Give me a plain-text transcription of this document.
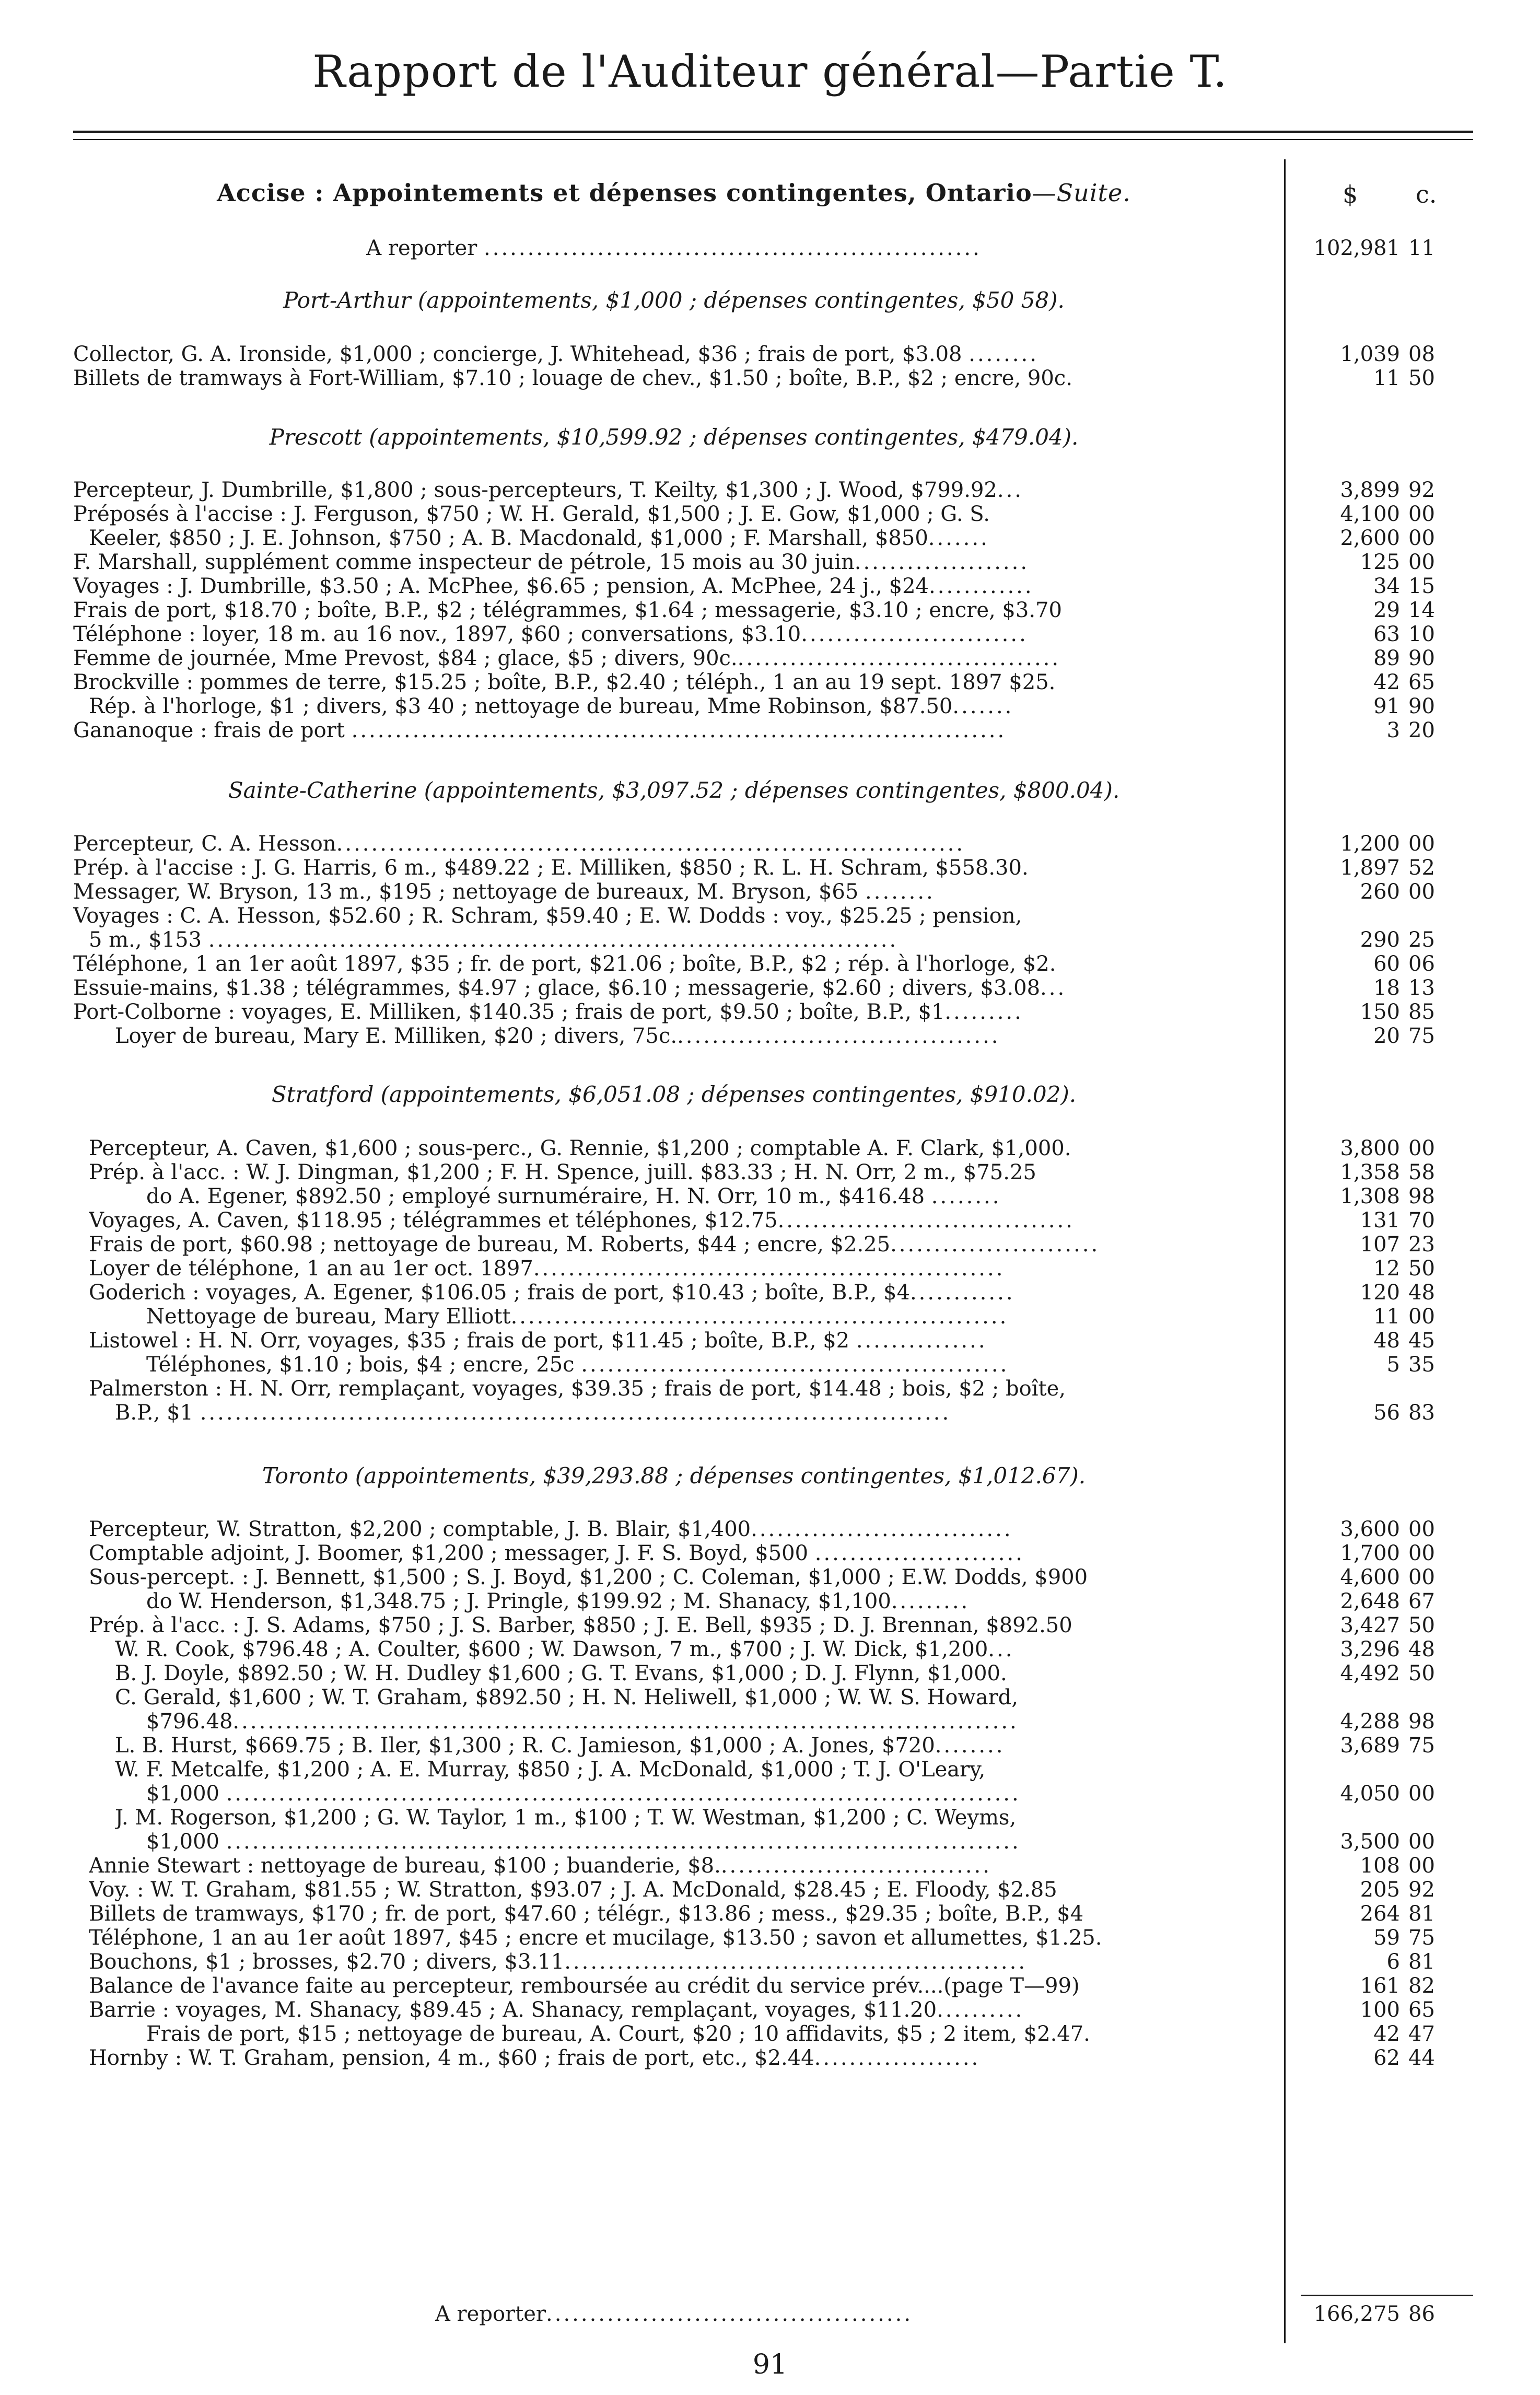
Rapport de l'Auditeur général—Partie T.
Accise : Appointements et dépenses contingentes, Ontario—Suite.	$ c.
A reporter .........................................................	102,981 11
Port-Arthur (appointements, $1,000 ; dépenses contingentes, $50 58).
Collector, G. A. Ironside, $1,000 ; concierge, J. Whitehead, $36 ; frais de port, $3.08 ........	1,039 08
Billets de tramways à Fort-William, $7.10 ; louage de chev., $1.50 ; boîte, B.P., $2 ; encre, 90c.	11 50
Prescott (appointements, $10,599.92 ; dépenses contingentes, $479.04).
Percepteur, J. Dumbrille, $1,800 ; sous-percepteurs, T. Keilty, $1,300 ; J. Wood, $799.92...	3,899 92
Préposés à l'accise : J. Ferguson, $750 ; W. H. Gerald, $1,500 ; J. E. Gow, $1,000 ; G. S.	4,100 00
Keeler, $850 ; J. E. Johnson, $750 ; A. B. Macdonald, $1,000 ; F. Marshall, $850.......	2,600 00
F. Marshall, supplément comme inspecteur de pétrole, 15 mois au 30 juin....................	125 00
Voyages : J. Dumbrille, $3.50 ; A. McPhee, $6.65 ; pension, A. McPhee, 24 j., $24............	34 15
Frais de port, $18.70 ; boîte, B.P., $2 ; télégrammes, $1.64 ; messagerie, $3.10 ; encre, $3.70	29 14
Téléphone : loyer, 18 m. au 16 nov., 1897, $60 ; conversations, $3.10..........................	63 10
Femme de journée, Mme Prevost, $84 ; glace, $5 ; divers, 90c......................................	89 90
Brockville : pommes de terre, $15.25 ; boîte, B.P., $2.40 ; téléph., 1 an au 19 sept. 1897 $25.	42 65
Rép. à l'horloge, $1 ; divers, $3 40 ; nettoyage de bureau, Mme Robinson, $87.50.......	91 90
Gananoque : frais de port ...........................................................................	3 20
Sainte-Catherine (appointements, $3,097.52 ; dépenses contingentes, $800.04).
Percepteur, C. A. Hesson........................................................................	1,200 00
Prép. à l'accise : J. G. Harris, 6 m., $489.22 ; E. Milliken, $850 ; R. L. H. Schram, $558.30.	1,897 52
Messager, W. Bryson, 13 m., $195 ; nettoyage de bureaux, M. Bryson, $65 ........	260 00
Voyages : C. A. Hesson, $52.60 ; R. Schram, $59.40 ; E. W. Dodds : voy., $25.25 ; pension,
5 m., $153 ...............................................................................	290 25
Téléphone, 1 an 1er août 1897, $35 ; fr. de port, $21.06 ; boîte, B.P., $2 ; rép. à l'horloge, $2.	60 06
Essuie-mains, $1.38 ; télégrammes, $4.97 ; glace, $6.10 ; messagerie, $2.60 ; divers, $3.08...	18 13
Port-Colborne : voyages, E. Milliken, $140.35 ; frais de port, $9.50 ; boîte, B.P., $1.........	150 85
Loyer de bureau, Mary E. Milliken, $20 ; divers, 75c......................................	20 75
Stratford (appointements, $6,051.08 ; dépenses contingentes, $910.02).
Percepteur, A. Caven, $1,600 ; sous-perc., G. Rennie, $1,200 ; comptable A. F. Clark, $1,000.	3,800 00
Prép. à l'acc. : W. J. Dingman, $1,200 ; F. H. Spence, juill. $83.33 ; H. N. Orr, 2 m., $75.25	1,358 58
do A. Egener, $892.50 ; employé surnuméraire, H. N. Orr, 10 m., $416.48 ........	1,308 98
Voyages, A. Caven, $118.95 ; télégrammes et téléphones, $12.75..................................	131 70
Frais de port, $60.98 ; nettoyage de bureau, M. Roberts, $44 ; encre, $2.25........................	107 23
Loyer de téléphone, 1 an au 1er oct. 1897......................................................	12 50
Goderich : voyages, A. Egener, $106.05 ; frais de port, $10.43 ; boîte, B.P., $4............	120 48
Nettoyage de bureau, Mary Elliott.........................................................	11 00
Listowel : H. N. Orr, voyages, $35 ; frais de port, $11.45 ; boîte, B.P., $2 ...............	48 45
Téléphones, $1.10 ; bois, $4 ; encre, 25c .................................................	5 35
Palmerston : H. N. Orr, remplaçant, voyages, $39.35 ; frais de port, $14.48 ; bois, $2 ; boîte,
B.P., $1 ......................................................................................	56 83
Toronto (appointements, $39,293.88 ; dépenses contingentes, $1,012.67).
Percepteur, W. Stratton, $2,200 ; comptable, J. B. Blair, $1,400..............................	3,600 00
Comptable adjoint, J. Boomer, $1,200 ; messager, J. F. S. Boyd, $500 ........................	1,700 00
Sous-percept. : J. Bennett, $1,500 ; S. J. Boyd, $1,200 ; C. Coleman, $1,000 ; E.W. Dodds, $900	4,600 00
do W. Henderson, $1,348.75 ; J. Pringle, $199.92 ; M. Shanacy, $1,100.........	2,648 67
Prép. à l'acc. : J. S. Adams, $750 ; J. S. Barber, $850 ; J. E. Bell, $935 ; D. J. Brennan, $892.50	3,427 50
W. R. Cook, $796.48 ; A. Coulter, $600 ; W. Dawson, 7 m., $700 ; J. W. Dick, $1,200...	3,296 48
B. J. Doyle, $892.50 ; W. H. Dudley $1,600 ; G. T. Evans, $1,000 ; D. J. Flynn, $1,000.	4,492 50
C. Gerald, $1,600 ; W. T. Graham, $892.50 ; H. N. Heliwell, $1,000 ; W. W. S. Howard,
$796.48..........................................................................................	4,288 98
L. B. Hurst, $669.75 ; B. Iler, $1,300 ; R. C. Jamieson, $1,000 ; A. Jones, $720........	3,689 75
W. F. Metcalfe, $1,200 ; A. E. Murray, $850 ; J. A. McDonald, $1,000 ; T. J. O'Leary,
$1,000 ...........................................................................................	4,050 00
J. M. Rogerson, $1,200 ; G. W. Taylor, 1 m., $100 ; T. W. Westman, $1,200 ; C. Weyms,
$1,000 ...........................................................................................	3,500 00
Annie Stewart : nettoyage de bureau, $100 ; buanderie, $8................................	108 00
Voy. : W. T. Graham, $81.55 ; W. Stratton, $93.07 ; J. A. McDonald, $28.45 ; E. Floody, $2.85	205 92
Billets de tramways, $170 ; fr. de port, $47.60 ; télégr., $13.86 ; mess., $29.35 ; boîte, B.P., $4	264 81
Téléphone, 1 an au 1er août 1897, $45 ; encre et mucilage, $13.50 ; savon et allumettes, $1.25.	59 75
Bouchons, $1 ; brosses, $2.70 ; divers, $3.11.....................................................	6 81
Balance de l'avance faite au percepteur, remboursée au crédit du service prév....(page T—99)	161 82
Barrie : voyages, M. Shanacy, $89.45 ; A. Shanacy, remplaçant, voyages, $11.20..........	100 65
Frais de port, $15 ; nettoyage de bureau, A. Court, $20 ; 10 affidavits, $5 ; 2 item, $2.47.	42 47
Hornby : W. T. Graham, pension, 4 m., $60 ; frais de port, etc., $2.44...................	62 44
A reporter..........................................	166,275 86
91
